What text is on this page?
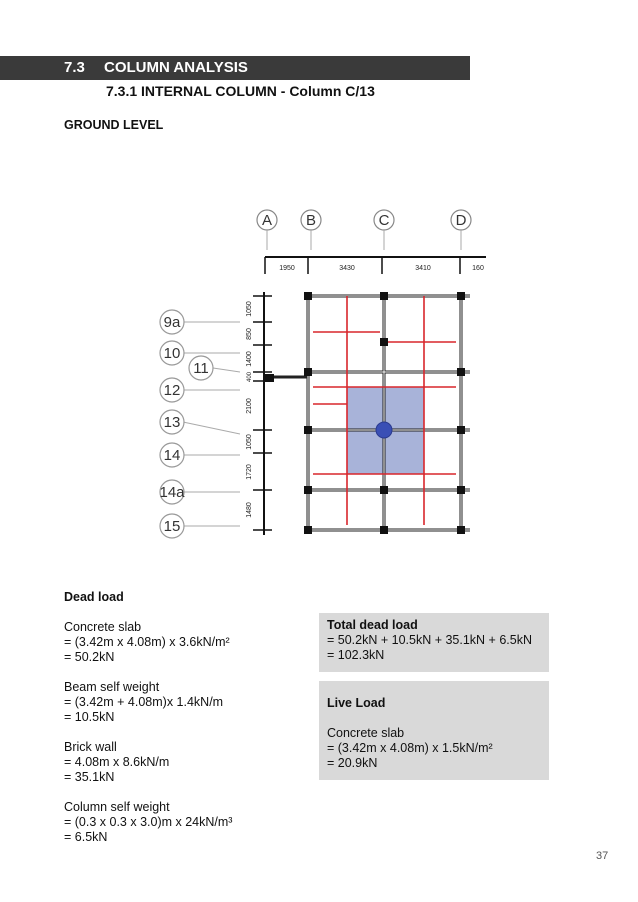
7.3 COLUMN ANALYSIS
7.3.1 INTERNAL COLUMN - Column C/13
GROUND LEVEL
A B	C	D
1950	3430	3410	160
1050
850
1400
400
2100
1050
1720
1480
9a
10
11
12
13
14
14a
15

Dead load

Concrete slab

= (3.42m x 4.08m) x 3.6kN/m²

= 50.2kN

Beam self weight

= (3.42m + 4.08m)x 1.4kN/m

= 10.5kN

Brick wall

= 4.08m x 8.6kN/m

= 35.1kN

Column self weight

= (0.3 x 0.3 x 3.0)m x 24kN/m³

= 6.5kN

Total dead load

= 50.2kN + 10.5kN + 35.1kN + 6.5kN

= 102.3kN

Live Load

Concrete slab

= (3.42m x 4.08m) x 1.5kN/m²

= 20.9kN

37
